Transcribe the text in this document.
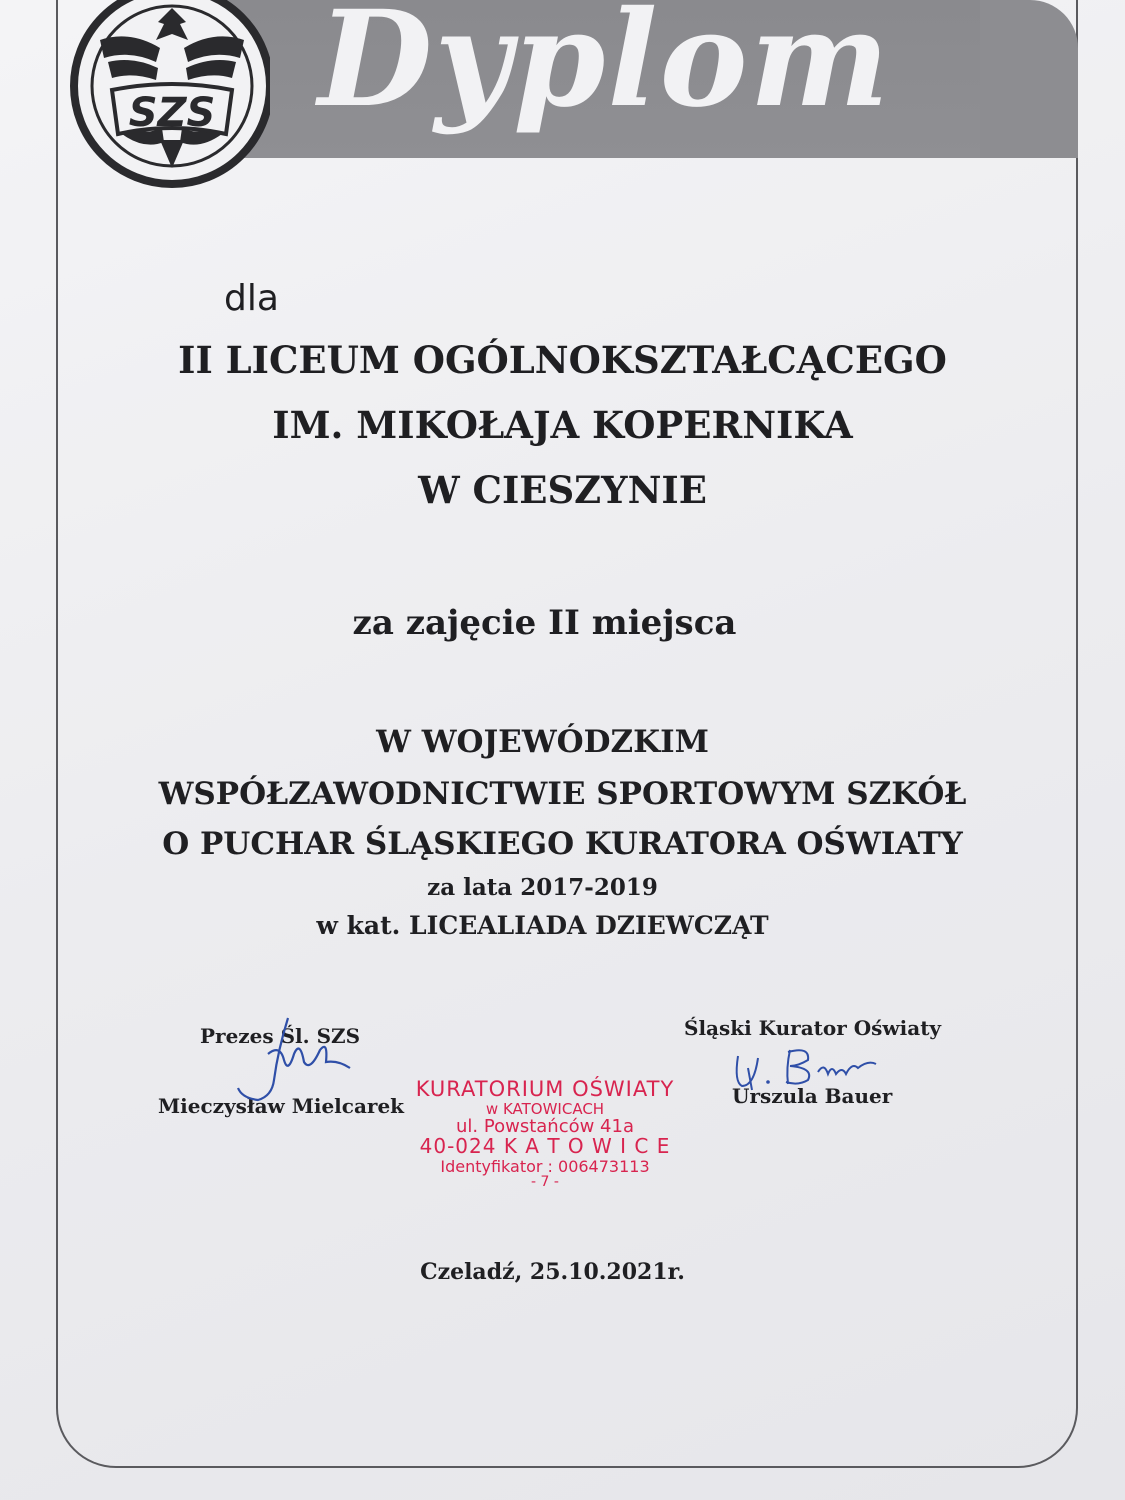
Dyplom
SZS
dla
II LICEUM OGÓLNOKSZTAŁCĄCEGO
IM. MIKOŁAJA KOPERNIKA
W CIESZYNIE
za zajęcie II miejsca
W WOJEWÓDZKIM
WSPÓŁZAWODNICTWIE SPORTOWYM SZKÓŁ
O PUCHAR ŚLĄSKIEGO KURATORA OŚWIATY
za lata 2017-2019
w kat. LICEALIADA DZIEWCZĄT
Prezes Śl. SZS
Mieczysław Mielcarek
Śląski Kurator Oświaty
Urszula Bauer
KURATORIUM OŚWIATY
w KATOWICACH
ul. Powstańców 41a
40-024 K A T O W I C E
Identyfikator : 006473113
- 7 -
Czeladź, 25.10.2021r.
